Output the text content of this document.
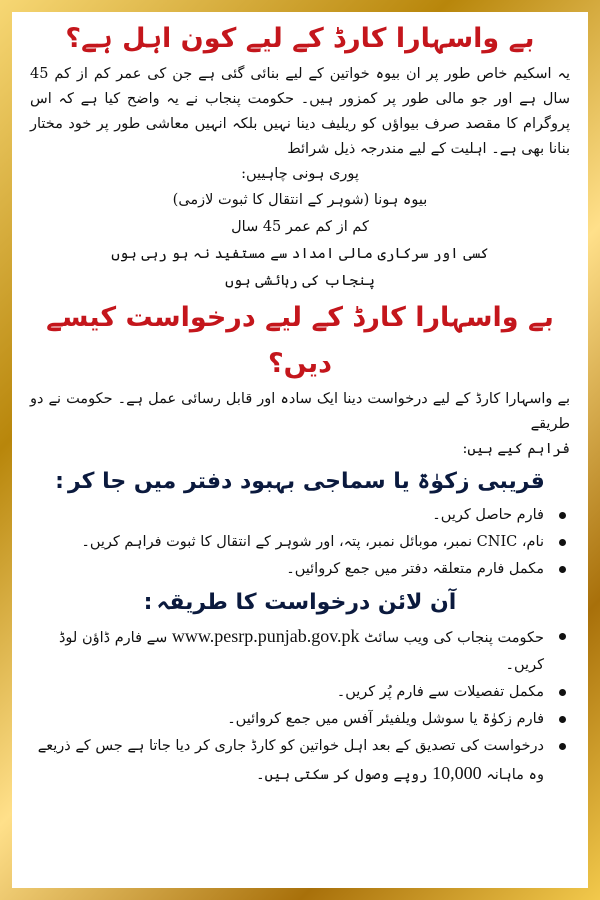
بے واسہارا کارڈ کے لیے کون اہل ہے؟

یہ اسکیم خاص طور پر ان بیوہ خواتین کے لیے بنائی گئی ہے جن کی عمر کم از کم 45 سال ہے اور جو مالی طور پر کمزور ہیں۔ حکومت پنجاب نے یہ واضح کیا ہے کہ اس پروگرام کا مقصد صرف بیواؤں کو ریلیف دینا نہیں بلکہ انہیں معاشی طور پر خود مختار بنانا بھی ہے۔ اہلیت کے لیے مندرجہ ذیل شرائط

پوری ہونی چاہییں:

بیوہ ہونا (شوہر کے انتقال کا ثبوت لازمی)
کم از کم عمر 45 سال
کسی اور سرکاری مالی امداد سے مستفید نہ ہو رہی ہوں
پنجاب کی رہائشی ہوں
بے واسہارا کارڈ کے لیے درخواست کیسے دیں؟

بے واسہارا کارڈ کے لیے درخواست دینا ایک سادہ اور قابل رسائی عمل ہے۔ حکومت نے دو طریقے

فراہم کیے ہیں:

قریبی زکوٰۃ یا سماجی بہبود دفتر میں جا کر:
فارم حاصل کریں۔
نام، CNIC نمبر، موبائل نمبر، پتہ، اور شوہر کے انتقال کا ثبوت فراہم کریں۔
مکمل فارم متعلقہ دفتر میں جمع کروائیں۔
آن لائن درخواست کا طریقہ:
حکومت پنجاب کی ویب سائٹ www.pesrp.punjab.gov.pk سے فارم ڈاؤن لوڈ کریں۔
مکمل تفصیلات سے فارم پُر کریں۔
فارم زکوٰۃ یا سوشل ویلفیئر آفس میں جمع کروائیں۔
درخواست کی تصدیق کے بعد اہل خواتین کو کارڈ جاری کر دیا جاتا ہے جس کے ذریعے وہ ماہانہ 10,000 روپے وصول کر سکتی ہیں۔
